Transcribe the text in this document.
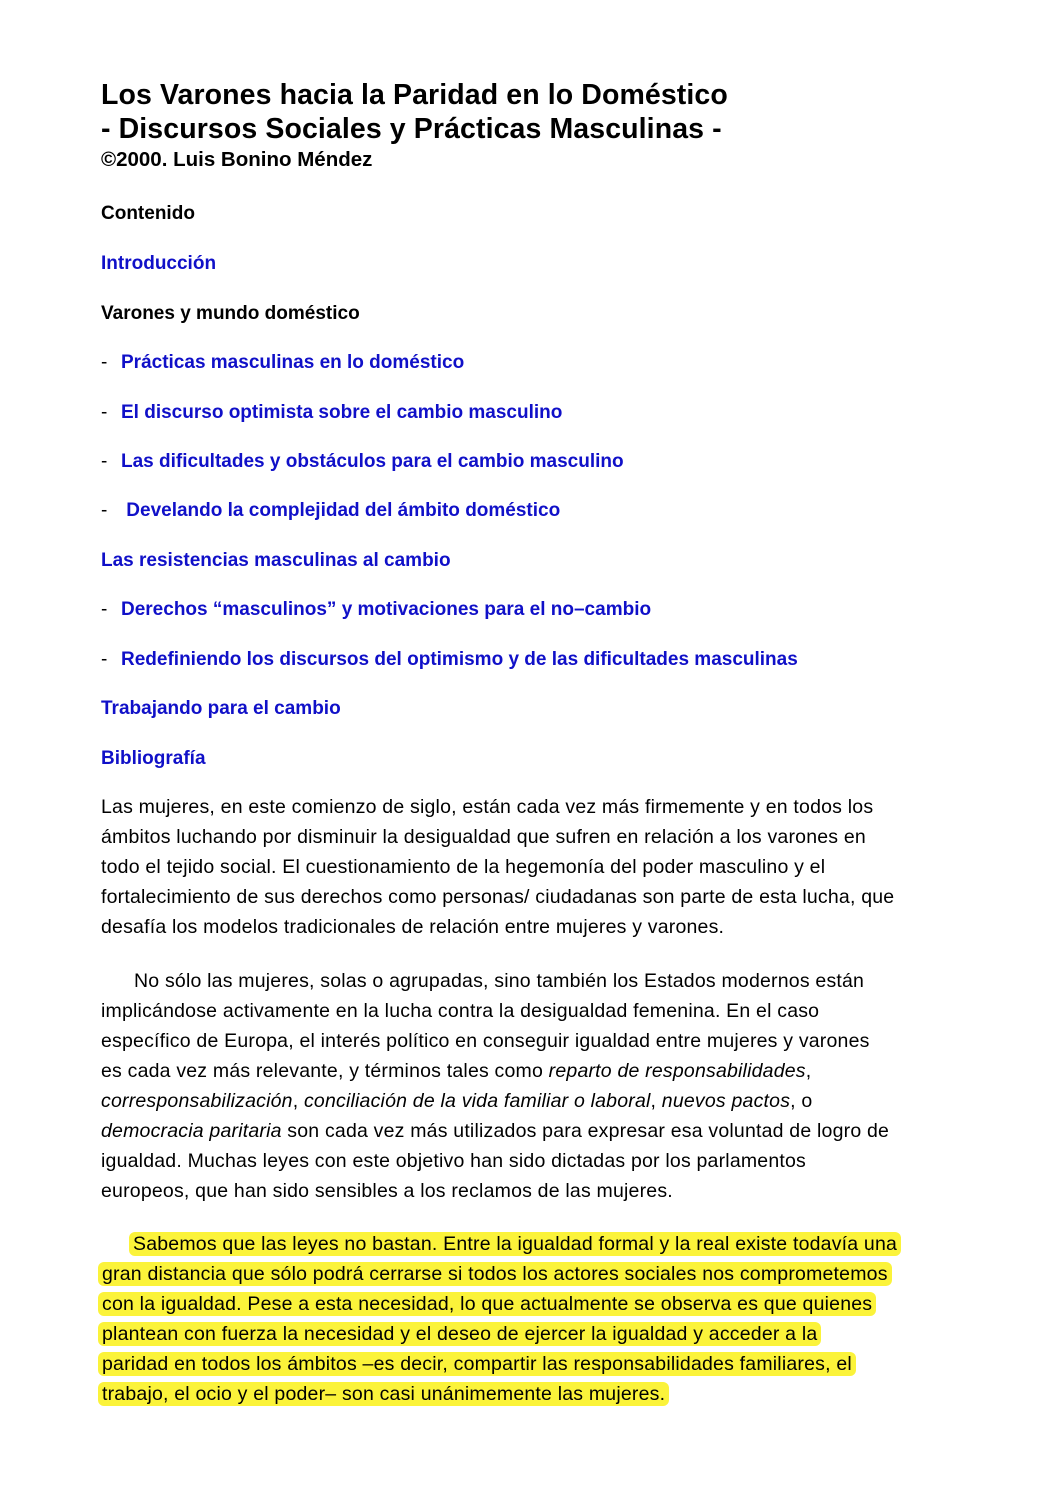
Los Varones hacia la Paridad en lo Doméstico
- Discursos Sociales y Prácticas Masculinas -
©2000. Luis Bonino Méndez
Contenido
Introducción
Varones y mundo doméstico
- Prácticas masculinas en lo doméstico
- El discurso optimista sobre el cambio masculino
- Las dificultades y obstáculos para el cambio masculino
- Develando la complejidad del ámbito doméstico
Las resistencias masculinas al cambio
- Derechos “masculinos” y motivaciones para el no–cambio
- Redefiniendo los discursos del optimismo y de las dificultades masculinas
Trabajando para el cambio
Bibliografía
Las mujeres, en este comienzo de siglo, están cada vez más firmemente y en todos los
ámbitos luchando por disminuir la desigualdad que sufren en relación a los varones en
todo el tejido social. El cuestionamiento de la hegemonía del poder masculino y el
fortalecimiento de sus derechos como personas/ ciudadanas son parte de esta lucha, que
desafía los modelos tradicionales de relación entre mujeres y varones.
No sólo las mujeres, solas o agrupadas, sino también los Estados modernos están
implicándose activamente en la lucha contra la desigualdad femenina. En el caso
específico de Europa, el interés político en conseguir igualdad entre mujeres y varones
es cada vez más relevante, y términos tales como reparto de responsabilidades,
corresponsabilización, conciliación de la vida familiar o laboral, nuevos pactos, o
democracia paritaria son cada vez más utilizados para expresar esa voluntad de logro de
igualdad. Muchas leyes con este objetivo han sido dictadas por los parlamentos
europeos, que han sido sensibles a los reclamos de las mujeres.
Sabemos que las leyes no bastan. Entre la igualdad formal y la real existe todavía una
gran distancia que sólo podrá cerrarse si todos los actores sociales nos comprometemos
con la igualdad. Pese a esta necesidad, lo que actualmente se observa es que quienes
plantean con fuerza la necesidad y el deseo de ejercer la igualdad y acceder a la
paridad en todos los ámbitos –es decir, compartir las responsabilidades familiares, el
trabajo, el ocio y el poder– son casi unánimemente las mujeres.
